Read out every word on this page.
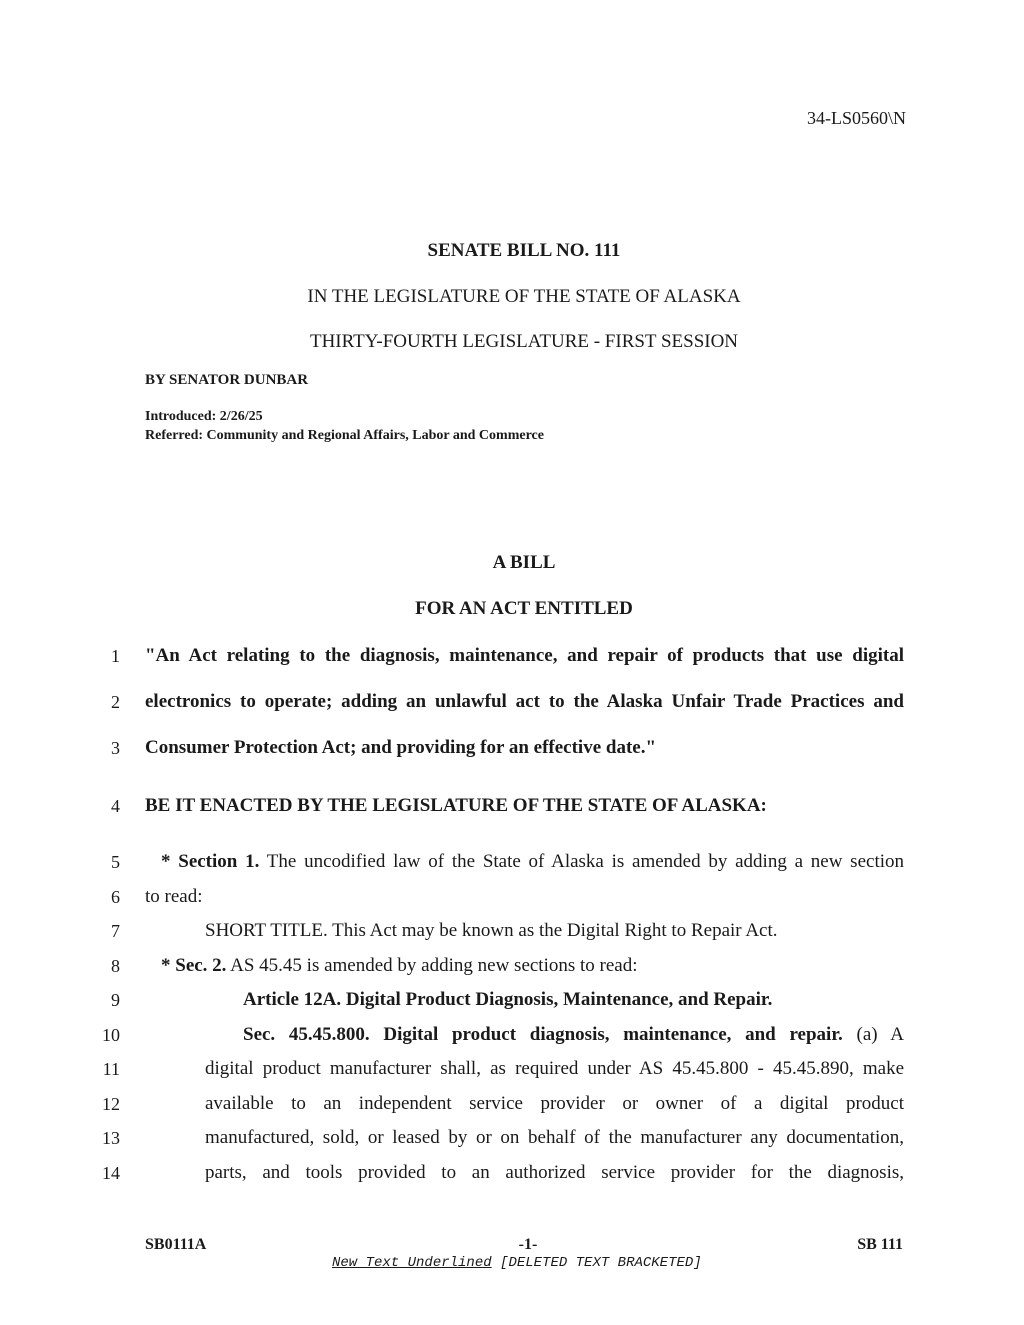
34-LS0560\N
SENATE BILL NO. 111
IN THE LEGISLATURE OF THE STATE OF ALASKA
THIRTY-FOURTH LEGISLATURE - FIRST SESSION
BY SENATOR DUNBAR
Introduced: 2/26/25
Referred: Community and Regional Affairs, Labor and Commerce
A BILL
FOR AN ACT ENTITLED
1 "An Act relating to the diagnosis, maintenance, and repair of products that use digital
2 electronics to operate; adding an unlawful act to the Alaska Unfair Trade Practices and
3 Consumer Protection Act; and providing for an effective date."
4 BE IT ENACTED BY THE LEGISLATURE OF THE STATE OF ALASKA:
5 * Section 1. The uncodified law of the State of Alaska is amended by adding a new section
6 to read:
7	SHORT TITLE. This Act may be known as the Digital Right to Repair Act.
8 * Sec. 2. AS 45.45 is amended by adding new sections to read:
9	Article 12A. Digital Product Diagnosis, Maintenance, and Repair.
10	Sec. 45.45.800. Digital product diagnosis, maintenance, and repair. (a) A
11	digital product manufacturer shall, as required under AS 45.45.800 - 45.45.890, make
12	available to an independent service provider or owner of a digital product
13	manufactured, sold, or leased by or on behalf of the manufacturer any documentation,
14	parts, and tools provided to an authorized service provider for the diagnosis,
SB0111A	-1-	SB 111
New Text Underlined [DELETED TEXT BRACKETED]
